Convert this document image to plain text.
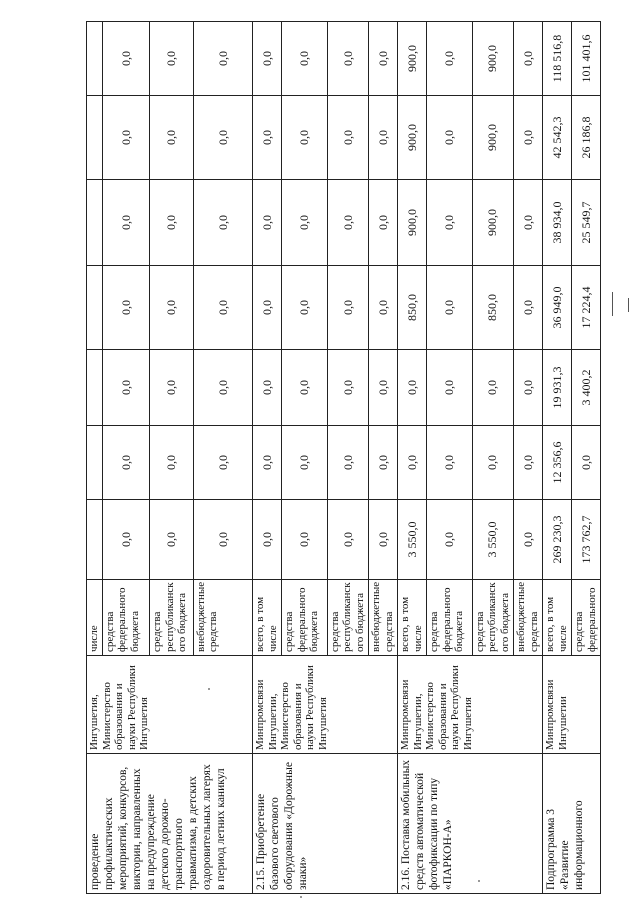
проведение профилактических мероприятий, конкурсов, викторин, направленных на предупреждение детского дорожно-транспортного травматизма, в детских оздоровительных лагерях в период летних каникул	Ингушетия, Министерство образования и науки Республики Ингушетия	числе							
		средства федерального бюджета	0,0	0,0	0,0	0,0	0,0	0,0	0,0
		средства республиканск ого бюджета	0,0	0,0	0,0	0,0	0,0	0,0	0,0
		внебюджетные средства	0,0	0,0	0,0	0,0	0,0	0,0	0,0
2.15. Приобретение базового светового оборудования «Дорожные знаки»	Минпромсвязи Ингушетии, Министерство образования и науки Республики Ингушетия	всего, в том числе	0,0	0,0	0,0	0,0	0,0	0,0	0,0
		средства федерального бюджета	0,0	0,0	0,0	0,0	0,0	0,0	0,0
		средства республиканск ого бюджета	0,0	0,0	0,0	0,0	0,0	0,0	0,0
		внебюджетные средства	0,0	0,0	0,0	0,0	0,0	0,0	0,0
2.16. Поставка мобильных средств автоматической фотофиксации по типу «ПАРКОН-А»	Минпромсвязи Ингушетии, Министерство образования и науки Республики Ингушетия	всего, в том числе	3 550,0	0,0	0,0	850,0	900,0	900,0	900,0
		средства федерального бюджета	0,0	0,0	0,0	0,0	0,0	0,0	0,0
		средства республиканск ого бюджета	3 550,0	0,0	0,0	850,0	900,0	900,0	900,0
		внебюджетные средства	0,0	0,0	0,0	0,0	0,0	0,0	0,0
Подпрограмма 3 «Развитие информационного	Минпромсвязи Ингушетии	всего, в том числе	269 230,3	12 356,6	19 931,3	36 949,0	38 934,0	42 542,3	118 516,8
		средства федерального	173 762,7	0,0	3 400,2	17 224,4	25 549,7	26 186,8	101 401,6
